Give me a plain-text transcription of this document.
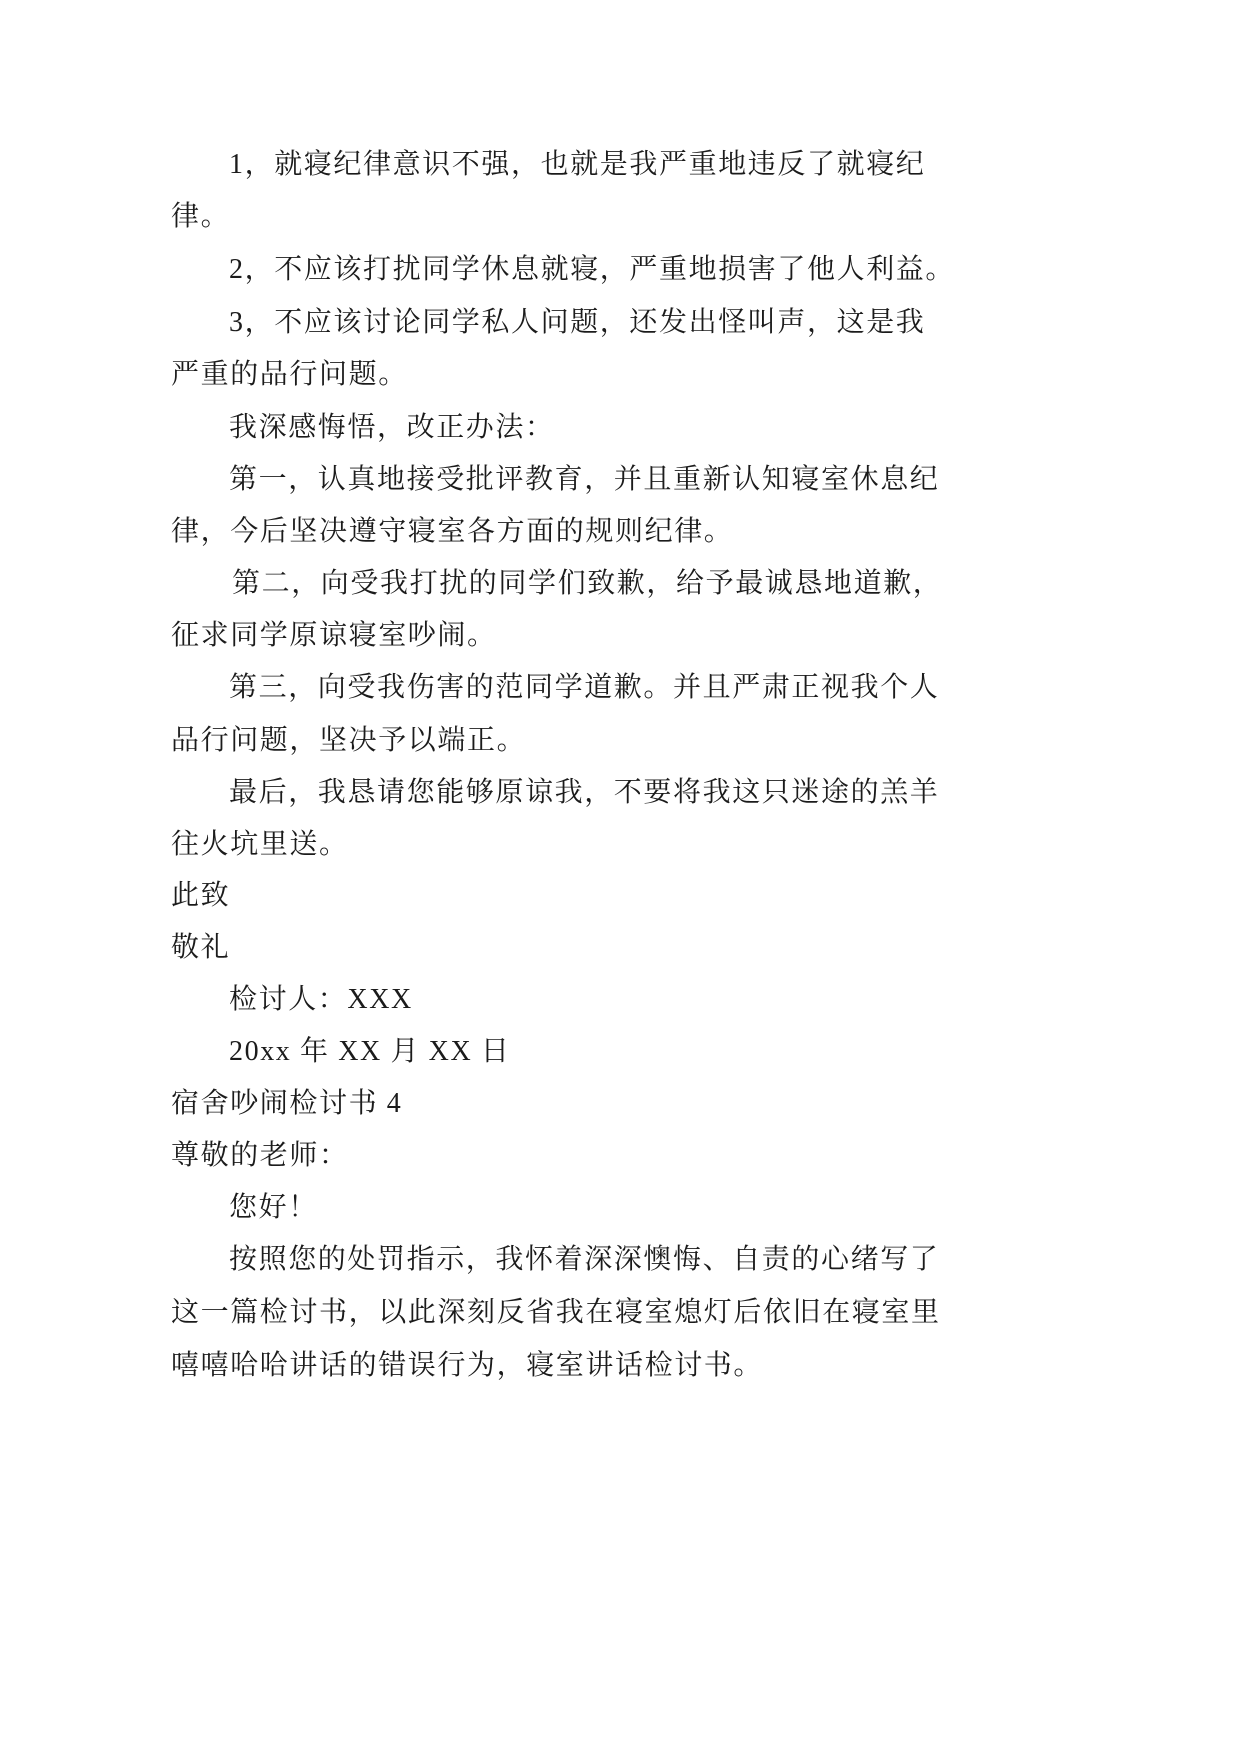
1，就寝纪律意识不强，也就是我严重地违反了就寝纪
律。
2，不应该打扰同学休息就寝，严重地损害了他人利益。
3，不应该讨论同学私人问题，还发出怪叫声，这是我
严重的品行问题。
我深感悔悟，改正办法：
第一，认真地接受批评教育，并且重新认知寝室休息纪
律，今后坚决遵守寝室各方面的规则纪律。
第二，向受我打扰的同学们致歉，给予最诚恳地道歉，
征求同学原谅寝室吵闹。
第三，向受我伤害的范同学道歉。并且严肃正视我个人
品行问题，坚决予以端正。
最后，我恳请您能够原谅我，不要将我这只迷途的羔羊
往火坑里送。
此致
敬礼
检讨人：XXX
20xx 年 XX 月 XX 日
宿舍吵闹检讨书 4
尊敬的老师：
您好！
按照您的处罚指示，我怀着深深懊悔、自责的心绪写了
这一篇检讨书，以此深刻反省我在寝室熄灯后依旧在寝室里
嘻嘻哈哈讲话的错误行为，寝室讲话检讨书。
